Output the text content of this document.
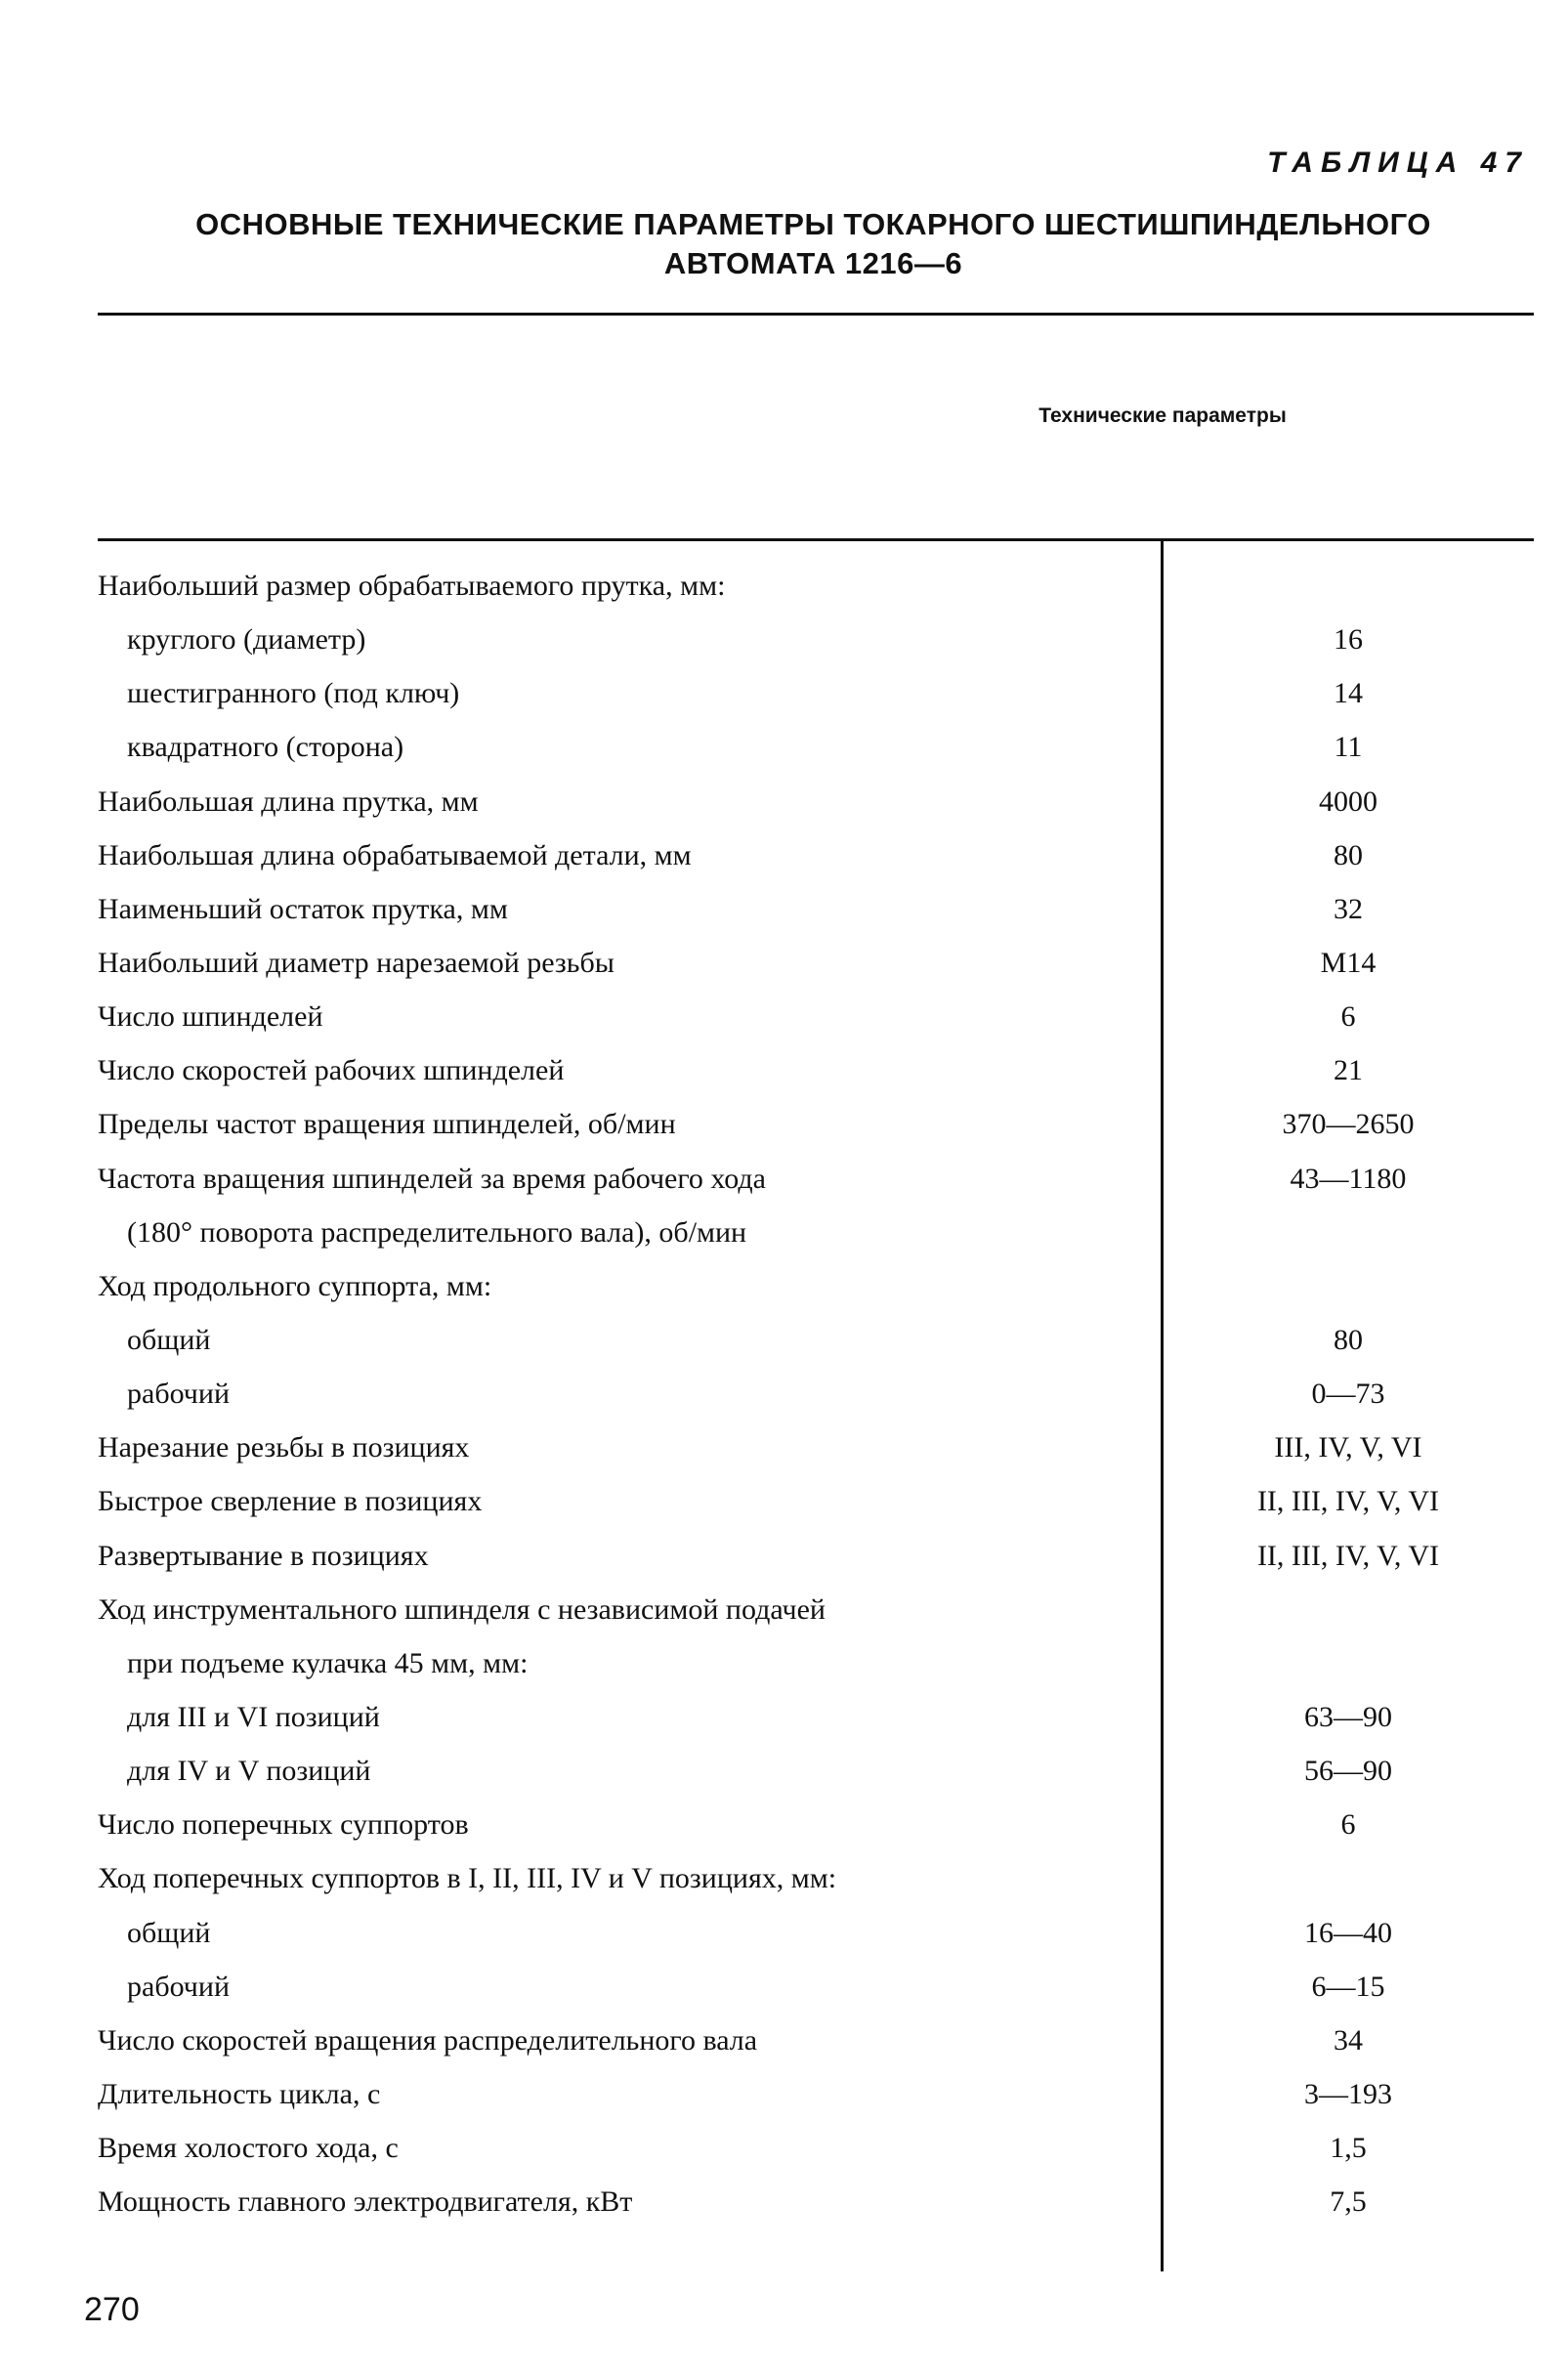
ТАБЛИЦА 47
ОСНОВНЫЕ ТЕХНИЧЕСКИЕ ПАРАМЕТРЫ ТОКАРНОГО ШЕСТИШПИНДЕЛЬНОГО
АВТОМАТА 1216—6
Технические параметры
Наибольший размер обрабатываемого прутка, мм:
круглого (диаметр)	16
шестигранного (под ключ)	14
квадратного (сторона)	11
Наибольшая длина прутка, мм	4000
Наибольшая длина обрабатываемой детали, мм	80
Наименьший остаток прутка, мм	32
Наибольший диаметр нарезаемой резьбы	М14
Число шпинделей	6
Число скоростей рабочих шпинделей	21
Пределы частот вращения шпинделей, об/мин	370—2650
Частота вращения шпинделей за время рабочего хода	43—1180
(180° поворота распределительного вала), об/мин
Ход продольного суппорта, мм:
общий	80
рабочий	0—73
Нарезание резьбы в позициях	III, IV, V, VI
Быстрое сверление в позициях	II, III, IV, V, VI
Развертывание в позициях	II, III, IV, V, VI
Ход инструментального шпинделя с независимой подачей
при подъеме кулачка 45 мм, мм:
для III и VI позиций	63—90
для IV и V позиций	56—90
Число поперечных суппортов	6
Ход поперечных суппортов в I, II, III, IV и V позициях, мм:
общий	16—40
рабочий	6—15
Число скоростей вращения распределительного вала	34
Длительность цикла, с	3—193
Время холостого хода, с	1,5
Мощность главного электродвигателя, кВт	7,5
270
